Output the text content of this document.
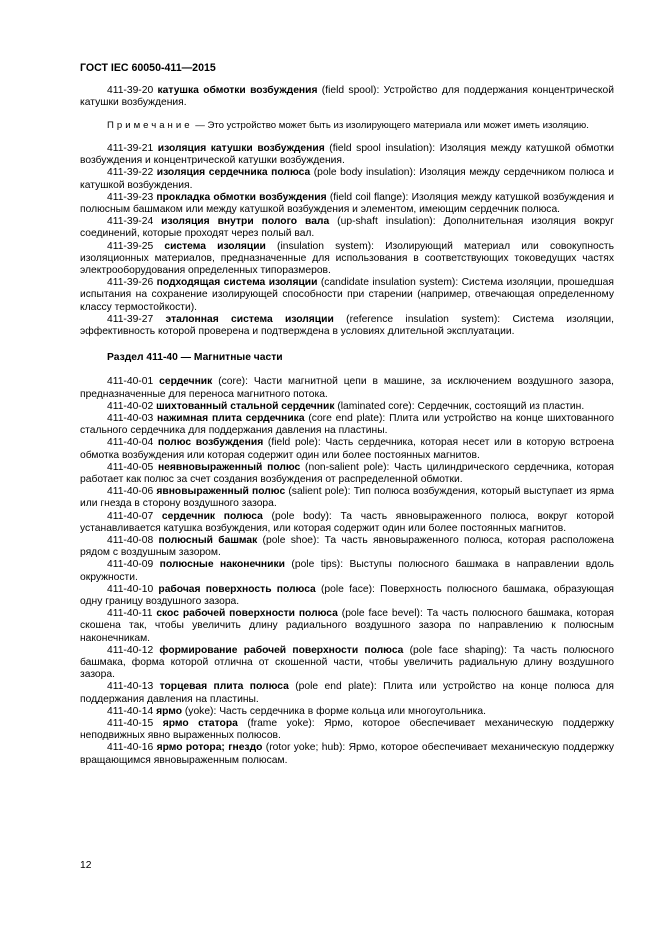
ГОСТ IEC 60050-411—2015

411-39-20 катушка обмотки возбуждения (field spool): Устройство для поддержания концентрической катушки возбуждения.

Примечание — Это устройство может быть из изолирующего материала или может иметь изоляцию.

411-39-21 изоляция катушки возбуждения (field spool insulation): Изоляция между катушкой обмотки возбуждения и концентрической катушки возбуждения.

411-39-22 изоляция сердечника полюса (pole body insulation): Изоляция между сердечником полюса и катушкой возбуждения.

411-39-23 прокладка обмотки возбуждения (field coil flange): Изоляция между катушкой возбуждения и полюсным башмаком или между катушкой возбуждения и элементом, имеющим сердечник полюса.

411-39-24 изоляция внутри полого вала (up-shaft insulation): Дополнительная изоляция вокруг соединений, которые проходят через полый вал.

411-39-25 система изоляции (insulation system): Изолирующий материал или совокупность изоляционных материалов, предназначенные для использования в соответствующих токоведущих частях электрооборудования определенных типоразмеров.

411-39-26 подходящая система изоляции (candidate insulation system): Система изоляции, прошедшая испытания на сохранение изолирующей способности при старении (например, отвечающая определенному классу термостойкости).

411-39-27 эталонная система изоляции (reference insulation system): Система изоляции, эффективность которой проверена и подтверждена в условиях длительной эксплуатации.

Раздел 411-40 — Магнитные части

411-40-01 сердечник (core): Части магнитной цепи в машине, за исключением воздушного зазора, предназначенные для переноса магнитного потока.

411-40-02 шихтованный стальной сердечник (laminated core): Сердечник, состоящий из пластин.

411-40-03 нажимная плита сердечника (core end plate): Плита или устройство на конце шихтованного стального сердечника для поддержания давления на пластины.

411-40-04 полюс возбуждения (field pole): Часть сердечника, которая несет или в которую встроена обмотка возбуждения или которая содержит один или более постоянных магнитов.

411-40-05 неявновыраженный полюс (non-salient pole): Часть цилиндрического сердечника, которая работает как полюс за счет создания возбуждения от распределенной обмотки.

411-40-06 явновыраженный полюс (salient pole): Тип полюса возбуждения, который выступает из ярма или гнезда в сторону воздушного зазора.

411-40-07 сердечник полюса (pole body): Та часть явновыраженного полюса, вокруг которой устанавливается катушка возбуждения, или которая содержит один или более постоянных магнитов.

411-40-08 полюсный башмак (pole shoe): Та часть явновыраженного полюса, которая расположена рядом с воздушным зазором.

411-40-09 полюсные наконечники (pole tips): Выступы полюсного башмака в направлении вдоль окружности.

411-40-10 рабочая поверхность полюса (pole face): Поверхность полюсного башмака, образующая одну границу воздушного зазора.

411-40-11 скос рабочей поверхности полюса (pole face bevel): Та часть полюсного башмака, которая скошена так, чтобы увеличить длину радиального воздушного зазора по направлению к полюсным наконечникам.

411-40-12 формирование рабочей поверхности полюса (pole face shaping): Та часть полюсного башмака, форма которой отлична от скошенной части, чтобы увеличить радиальную длину воздушного зазора.

411-40-13 торцевая плита полюса (pole end plate): Плита или устройство на конце полюса для поддержания давления на пластины.

411-40-14 ярмо (yoke): Часть сердечника в форме кольца или многоугольника.

411-40-15 ярмо статора (frame yoke): Ярмо, которое обеспечивает механическую поддержку неподвижных явно выраженных полюсов.

411-40-16 ярмо ротора; гнездо (rotor yoke; hub): Ярмо, которое обеспечивает механическую поддержку вращающимся явновыраженным полюсам.

12
